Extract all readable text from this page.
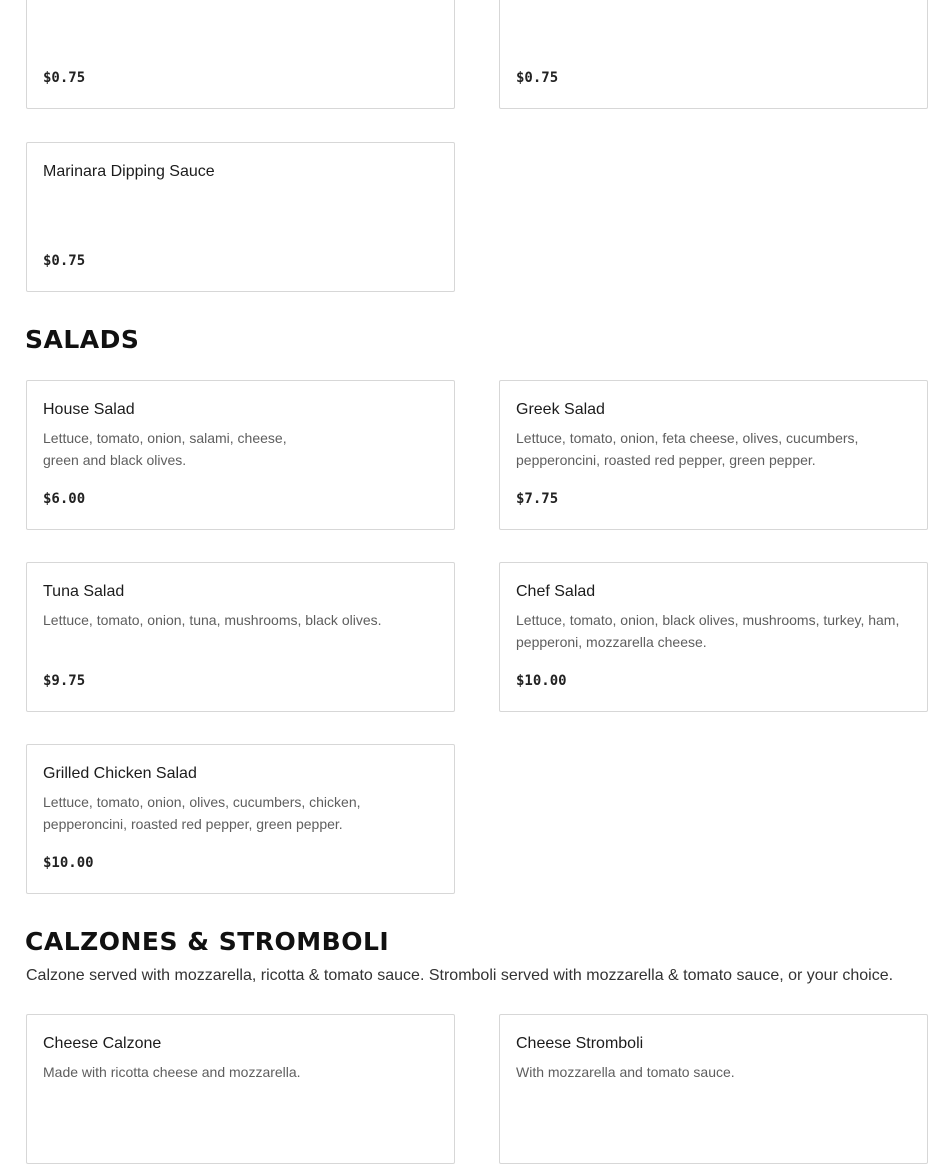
$0.75	$0.75
Marinara Dipping Sauce
$0.75
SALADS
House Salad
Lettuce, tomato, onion, salami, cheese,
green and black olives.
$6.00
Greek Salad
Lettuce, tomato, onion, feta cheese, olives, cucumbers,
pepperoncini, roasted red pepper, green pepper.
$7.75
Tuna Salad
Lettuce, tomato, onion, tuna, mushrooms, black olives.
$9.75
Chef Salad
Lettuce, tomato, onion, black olives, mushrooms, turkey, ham,
pepperoni, mozzarella cheese.
$10.00
Grilled Chicken Salad
Lettuce, tomato, onion, olives, cucumbers, chicken,
pepperoncini, roasted red pepper, green pepper.
$10.00
CALZONES & STROMBOLI

Calzone served with mozzarella, ricotta & tomato sauce. Stromboli served with mozzarella & tomato sauce, or your choice.

Cheese Calzone
Made with ricotta cheese and mozzarella.
Cheese Stromboli
With mozzarella and tomato sauce.
